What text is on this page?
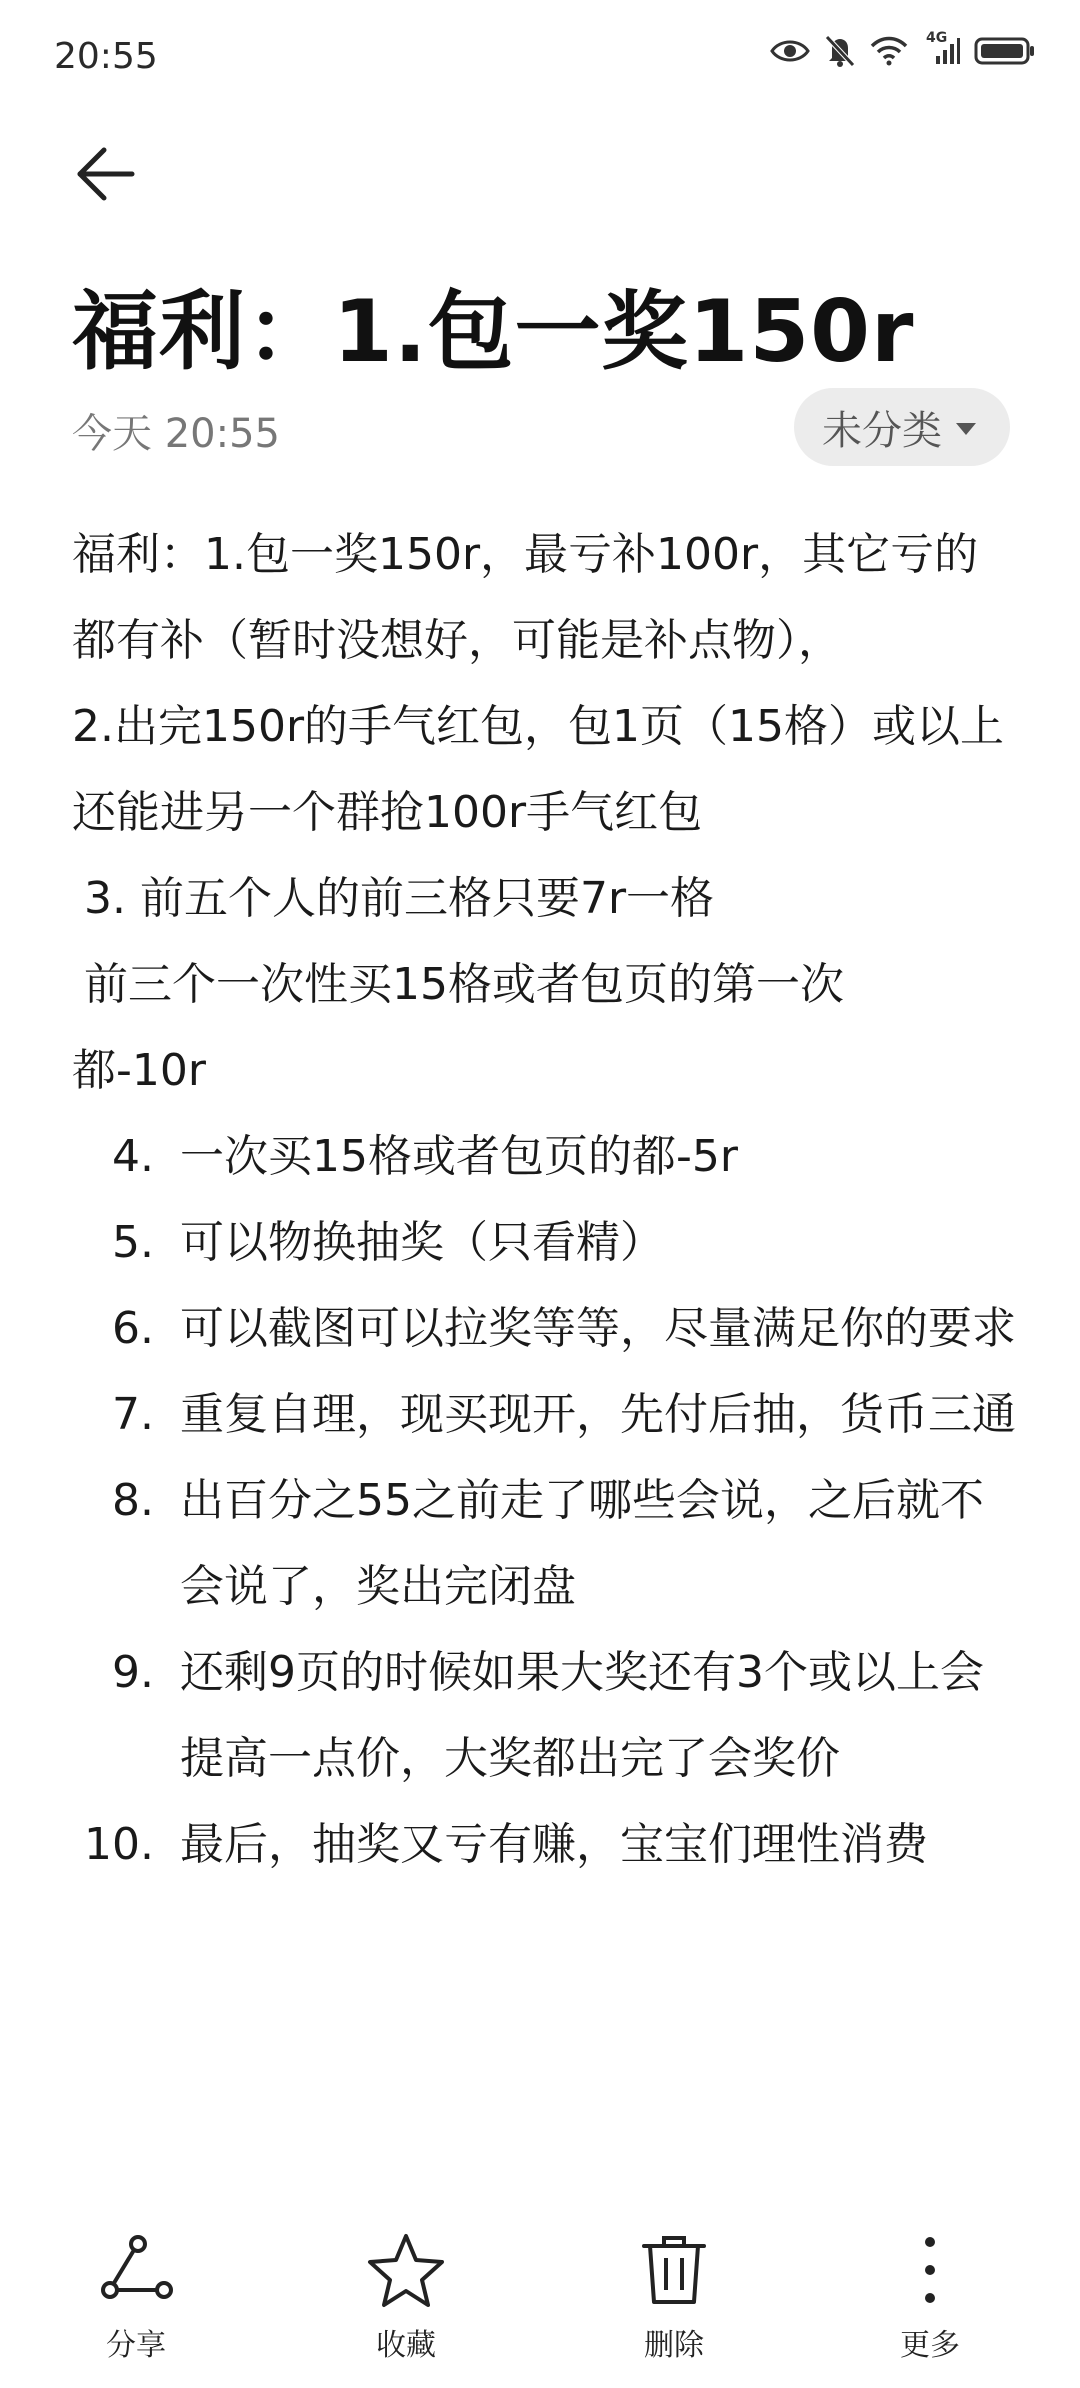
20:55	4G
福利：1.包一奖150r
今天 20:55	未分类

福利：1.包一奖150r，最亏补100r，其它亏的都有补（暂时没想好，可能是补点物），

2.出完150r的手气红包，包1页（15格）或以上还能进另一个群抢100r手气红包

3. 前五个人的前三格只要7r一格

前三个一次性买15格或者包页的第一次

都-10r

4. 一次买15格或者包页的都-5r
5. 可以物换抽奖（只看精）
6. 可以截图可以拉奖等等，尽量满足你的要求
7. 重复自理，现买现开，先付后抽，货币三通
8. 出百分之55之前走了哪些会说，之后就不会说了，奖出完闭盘
9. 还剩9页的时候如果大奖还有3个或以上会提高一点价，大奖都出完了会奖价
10. 最后，抽奖又亏有赚，宝宝们理性消费
分享	收藏	删除	更多
